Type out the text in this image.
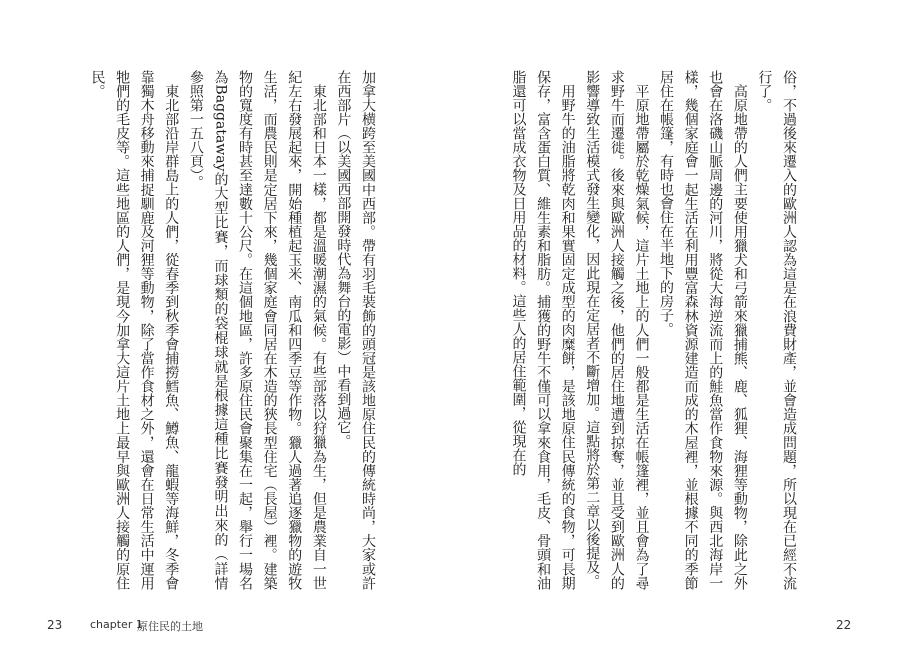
加拿大横跨至美國中西部。帶有羽毛裝飾的頭冠是該地原住民的傳統時尚，大家或許在西部片（以美國西部開發時代為舞台的電影）中看到過它。

東北部和日本一樣，都是溫暖潮濕的氣候。有些部落以狩獵為生，但是農業自一世紀左右發展起來，開始種植起玉米、南瓜和四季豆等作物。獵人過著追逐獵物的遊牧生活，而農民則是定居下來，幾個家庭會同居在木造的狹長型住宅（長屋）裡。建築物的寬度有時甚至達數十公尺。在這個地區，許多原住民會聚集在一起，舉行一場名為Baggataway的大型比賽，而球類的袋棍球就是根據這種比賽發明出來的（詳情參照第一五八頁）。

東北部沿岸群島上的人們，從春季到秋季會捕撈鱈魚、鱒魚、龍蝦等海鮮，冬季會靠獨木舟移動來捕捉馴鹿及河狸等動物，除了當作食材之外，還會在日常生活中運用牠們的毛皮等。這些地區的人們，是現今加拿大這片土地上最早與歐洲人接觸的原住民。	俗，不過後來遷入的歐洲人認為這是在浪費財產，並會造成問題，所以現在已經不流行了。

高原地帶的人們主要使用獵犬和弓箭來獵捕熊、鹿、狐狸、海狸等動物，除此之外也會在洛磯山脈周邊的河川，將從大海逆流而上的鮭魚當作食物來源。與西北海岸一樣，幾個家庭會一起生活在利用豐富森林資源建造而成的木屋裡，並根據不同的季節居住在帳篷，有時也會住在半地下的房子。

平原地帶屬於乾燥氣候，這片土地上的人們一般都是生活在帳篷裡，並且會為了尋求野牛而遷徙。後來與歐洲人接觸之後，他們的居住地遭到掠奪，並且受到歐洲人的影響導致生活模式發生變化，因此現在定居者不斷增加。這點將於第二章以後提及。

用野牛的油脂將乾肉和果實固定成型的肉糜餅，是該地原住民傳統的食物，可長期保存，富含蛋白質、維生素和脂肪。捕獲的野牛不僅可以拿來食用，毛皮、骨頭和油脂還可以當成衣物及日用品的材料。這些人的居住範圍，從現在的

23	chapter 1
原住民的土地	22
